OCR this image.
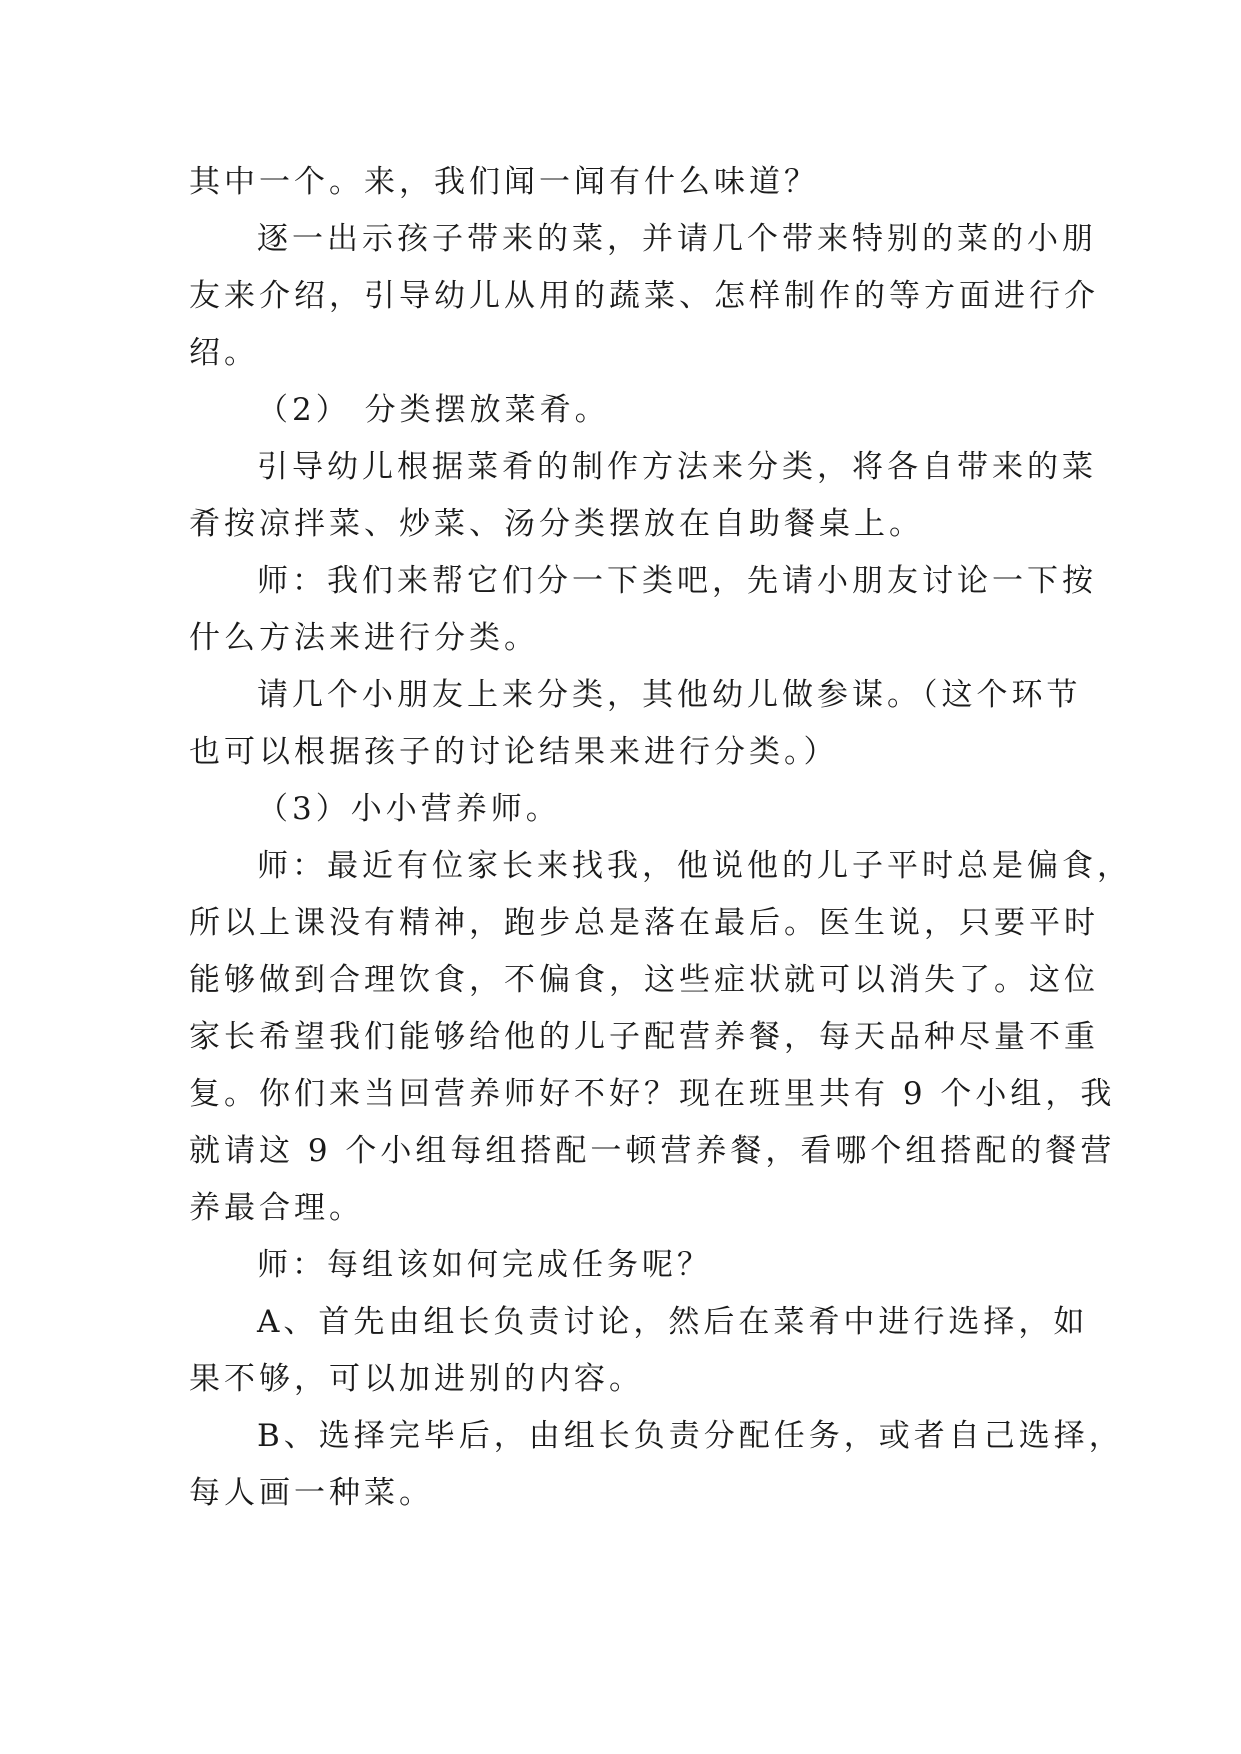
其中一个。来，我们闻一闻有什么味道？
逐一出示孩子带来的菜，并请几个带来特别的菜的小朋
友来介绍，引导幼儿从用的蔬菜、怎样制作的等方面进行介
绍。
（2） 分类摆放菜肴。
引导幼儿根据菜肴的制作方法来分类，将各自带来的菜
肴按凉拌菜、炒菜、汤分类摆放在自助餐桌上。
师：我们来帮它们分一下类吧，先请小朋友讨论一下按
什么方法来进行分类。
请几个小朋友上来分类，其他幼儿做参谋。（这个环节
也可以根据孩子的讨论结果来进行分类。）
（3）小小营养师。
师：最近有位家长来找我，他说他的儿子平时总是偏食，
所以上课没有精神，跑步总是落在最后。医生说，只要平时
能够做到合理饮食，不偏食，这些症状就可以消失了。这位
家长希望我们能够给他的儿子配营养餐，每天品种尽量不重
复。你们来当回营养师好不好？现在班里共有 9 个小组，我
就请这 9 个小组每组搭配一顿营养餐，看哪个组搭配的餐营
养最合理。
师：每组该如何完成任务呢？
A、首先由组长负责讨论，然后在菜肴中进行选择，如
果不够，可以加进别的内容。
B、选择完毕后，由组长负责分配任务，或者自己选择，
每人画一种菜。
